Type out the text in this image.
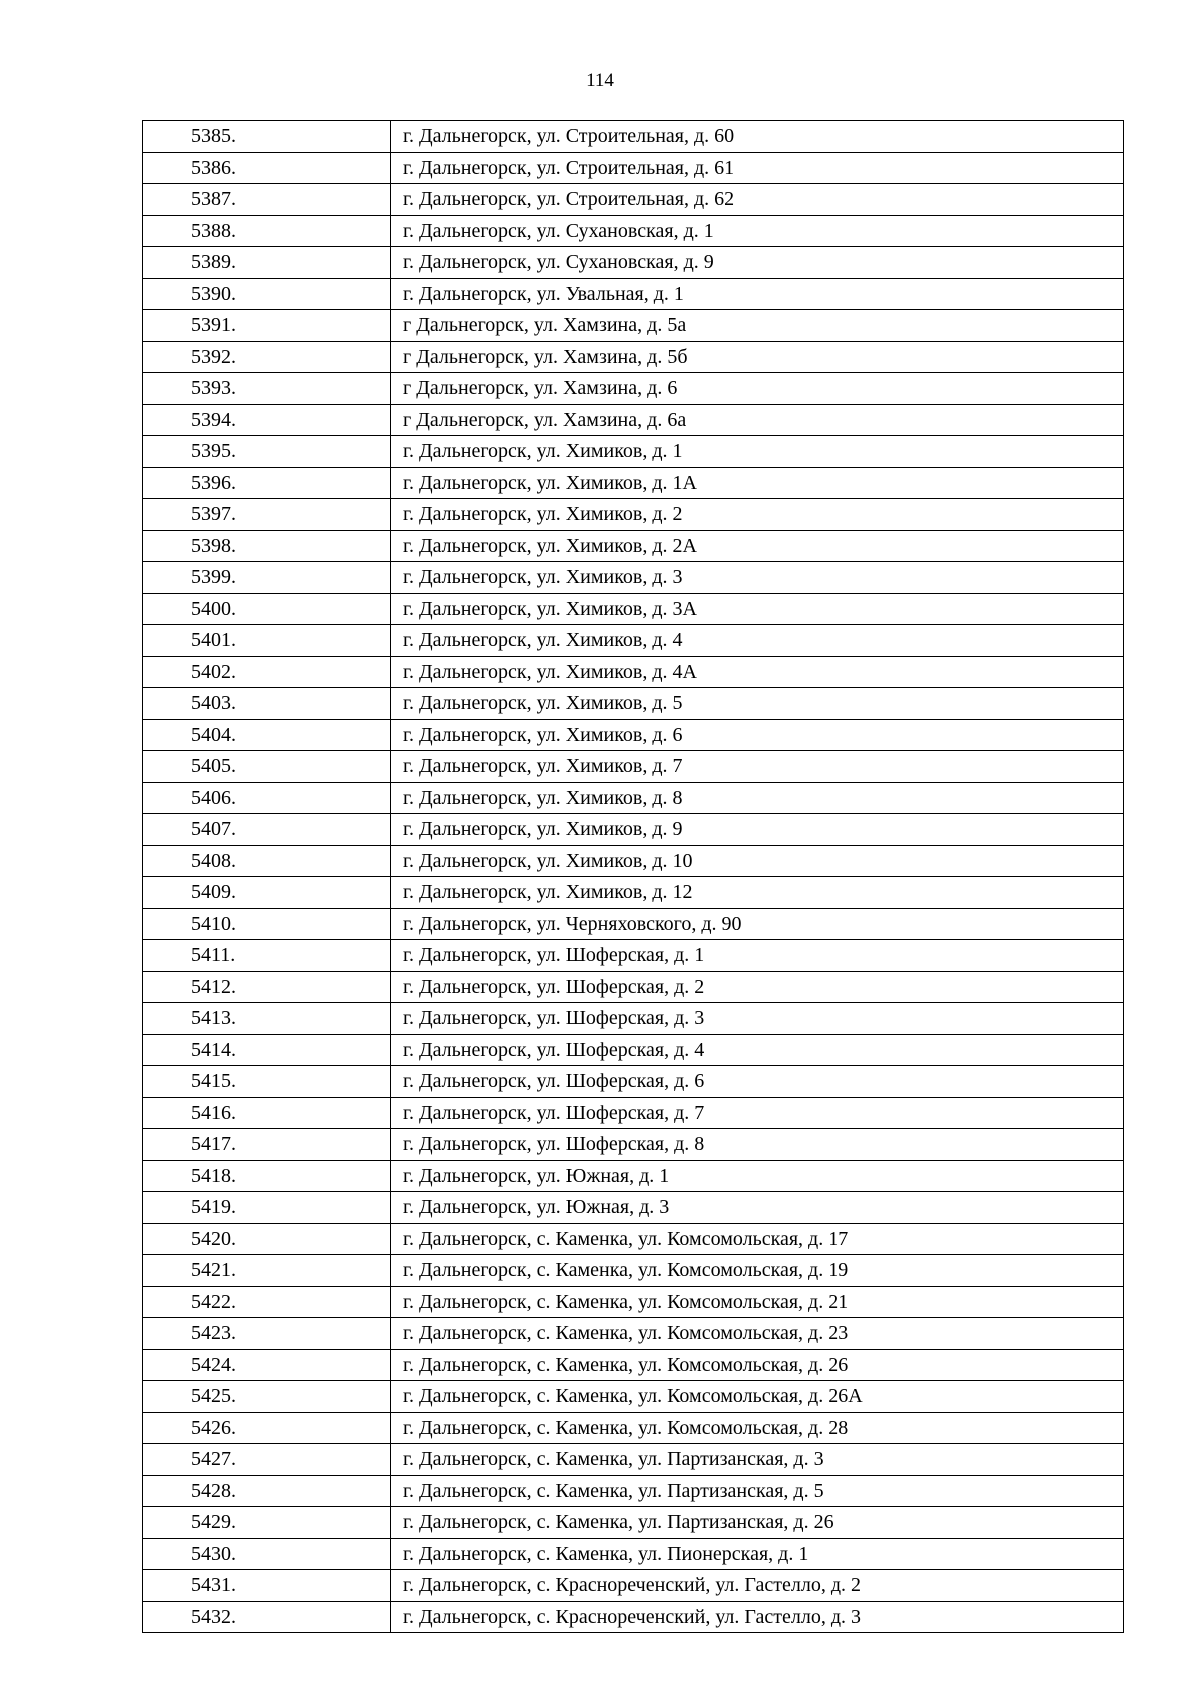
114
5385.	г. Дальнегорск, ул. Строительная, д. 60
5386.	г. Дальнегорск, ул. Строительная, д. 61
5387.	г. Дальнегорск, ул. Строительная, д. 62
5388.	г. Дальнегорск, ул. Сухановская, д. 1
5389.	г. Дальнегорск, ул. Сухановская, д. 9
5390.	г. Дальнегорск, ул. Увальная, д. 1
5391.	г Дальнегорск, ул. Хамзина, д. 5а
5392.	г Дальнегорск, ул. Хамзина, д. 5б
5393.	г Дальнегорск, ул. Хамзина, д. 6
5394.	г Дальнегорск, ул. Хамзина, д. 6а
5395.	г. Дальнегорск, ул. Химиков, д. 1
5396.	г. Дальнегорск, ул. Химиков, д. 1А
5397.	г. Дальнегорск, ул. Химиков, д. 2
5398.	г. Дальнегорск, ул. Химиков, д. 2А
5399.	г. Дальнегорск, ул. Химиков, д. 3
5400.	г. Дальнегорск, ул. Химиков, д. 3А
5401.	г. Дальнегорск, ул. Химиков, д. 4
5402.	г. Дальнегорск, ул. Химиков, д. 4А
5403.	г. Дальнегорск, ул. Химиков, д. 5
5404.	г. Дальнегорск, ул. Химиков, д. 6
5405.	г. Дальнегорск, ул. Химиков, д. 7
5406.	г. Дальнегорск, ул. Химиков, д. 8
5407.	г. Дальнегорск, ул. Химиков, д. 9
5408.	г. Дальнегорск, ул. Химиков, д. 10
5409.	г. Дальнегорск, ул. Химиков, д. 12
5410.	г. Дальнегорск, ул. Черняховского, д. 90
5411.	г. Дальнегорск, ул. Шоферская, д. 1
5412.	г. Дальнегорск, ул. Шоферская, д. 2
5413.	г. Дальнегорск, ул. Шоферская, д. 3
5414.	г. Дальнегорск, ул. Шоферская, д. 4
5415.	г. Дальнегорск, ул. Шоферская, д. 6
5416.	г. Дальнегорск, ул. Шоферская, д. 7
5417.	г. Дальнегорск, ул. Шоферская, д. 8
5418.	г. Дальнегорск, ул. Южная, д. 1
5419.	г. Дальнегорск, ул. Южная, д. 3
5420.	г. Дальнегорск, с. Каменка, ул. Комсомольская, д. 17
5421.	г. Дальнегорск, с. Каменка, ул. Комсомольская, д. 19
5422.	г. Дальнегорск, с. Каменка, ул. Комсомольская, д. 21
5423.	г. Дальнегорск, с. Каменка, ул. Комсомольская, д. 23
5424.	г. Дальнегорск, с. Каменка, ул. Комсомольская, д. 26
5425.	г. Дальнегорск, с. Каменка, ул. Комсомольская, д. 26А
5426.	г. Дальнегорск, с. Каменка, ул. Комсомольская, д. 28
5427.	г. Дальнегорск, с. Каменка, ул. Партизанская, д. 3
5428.	г. Дальнегорск, с. Каменка, ул. Партизанская, д. 5
5429.	г. Дальнегорск, с. Каменка, ул. Партизанская, д. 26
5430.	г. Дальнегорск, с. Каменка, ул. Пионерская, д. 1
5431.	г. Дальнегорск, с. Краснореченский, ул. Гастелло, д. 2
5432.	г. Дальнегорск, с. Краснореченский, ул. Гастелло, д. 3
